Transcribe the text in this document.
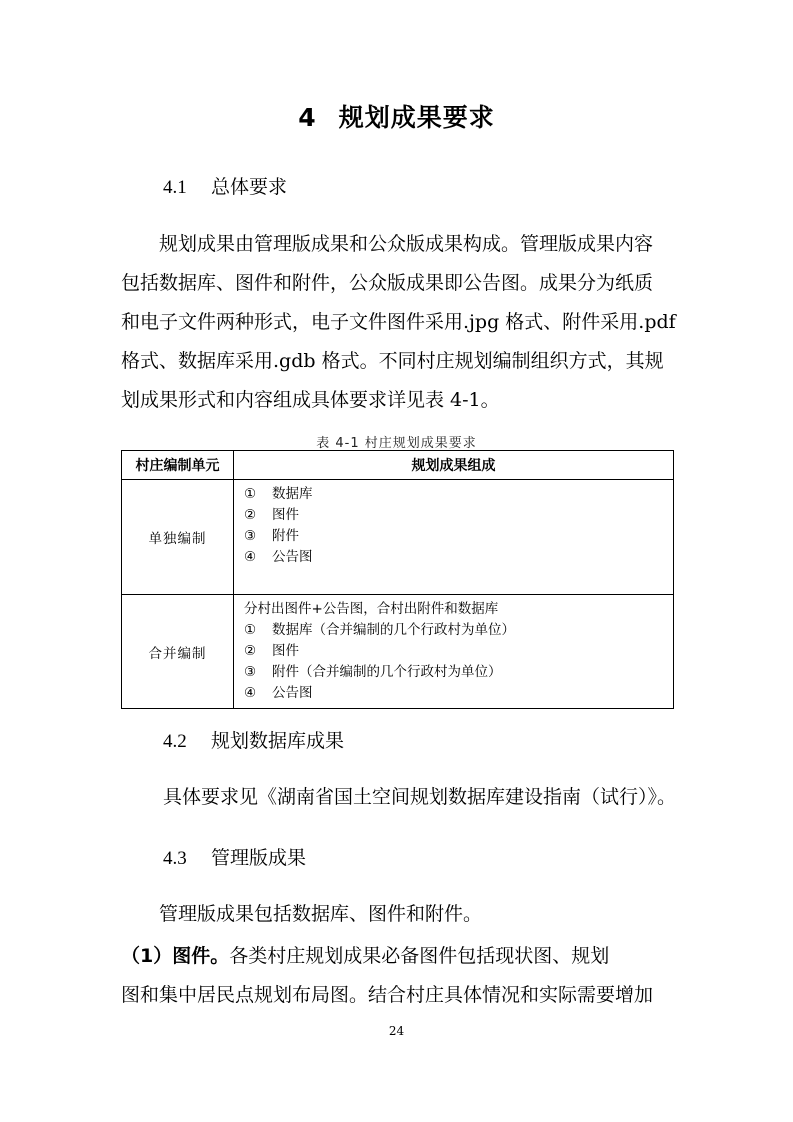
4 规划成果要求
4.1 总体要求
　　规划成果由管理版成果和公众版成果构成。管理版成果内容
包括数据库、图件和附件，公众版成果即公告图。成果分为纸质
和电子文件两种形式，电子文件图件采用.jpg 格式、附件采用.pdf
格式、数据库采用.gdb 格式。不同村庄规划编制组织方式，其规
划成果形式和内容组成具体要求详见表 4-1。
表 4-1 村庄规划成果要求
村庄编制单元	规划成果组成
单独编制	① 数据库
② 图件
③ 附件
④ 公告图

合并编制	分村出图件+公告图，合村出附件和数据库
① 数据库（合并编制的几个行政村为单位）
② 图件
③ 附件（合并编制的几个行政村为单位）
④ 公告图
4.2 规划数据库成果
具体要求见《湖南省国土空间规划数据库建设指南（试行）》。
4.3 管理版成果
　　管理版成果包括数据库、图件和附件。
（1）图件。各类村庄规划成果必备图件包括现状图、规划
图和集中居民点规划布局图。结合村庄具体情况和实际需要增加
24
